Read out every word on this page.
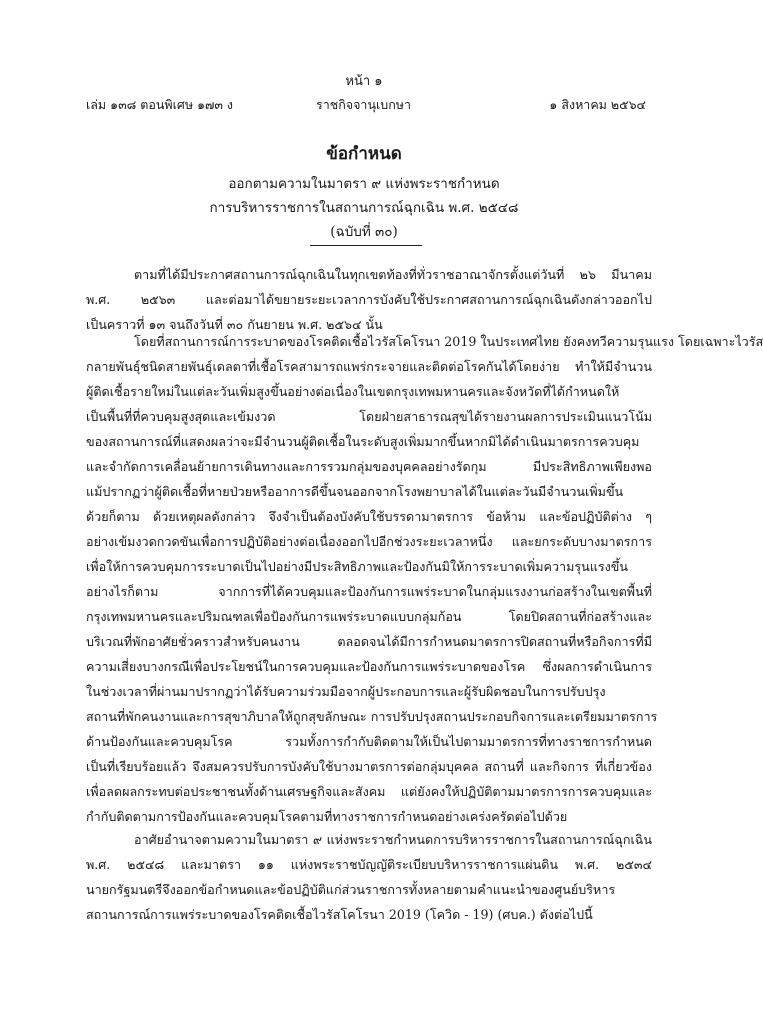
หน้า ๑
เล่ม ๑๓๘ ตอนพิเศษ ๑๗๓ ง	ราชกิจจานุเบกษา	๑ สิงหาคม ๒๕๖๔
ข้อกำหนด
ออกตามความในมาตรา ๙ แห่งพระราชกำหนด
การบริหารราชการในสถานการณ์ฉุกเฉิน พ.ศ. ๒๕๔๘
(ฉบับที่ ๓๐)
ตามที่ได้มีประกาศสถานการณ์ฉุกเฉินในทุกเขตท้องที่ทั่วราชอาณาจักรตั้งแต่วันที่ ๒๖ มีนาคม
พ.ศ. ๒๕๖๓ และต่อมาได้ขยายระยะเวลาการบังคับใช้ประกาศสถานการณ์ฉุกเฉินดังกล่าวออกไป
เป็นคราวที่ ๑๓ จนถึงวันที่ ๓๐ กันยายน พ.ศ. ๒๕๖๔ นั้น
โดยที่สถานการณ์การระบาดของโรคติดเชื้อไวรัสโคโรนา 2019 ในประเทศไทย ยังคงทวีความรุนแรง โดยเฉพาะไวรัส
กลายพันธุ์ชนิดสายพันธุ์เดลตาที่เชื้อโรคสามารถแพร่กระจายและติดต่อโรคกันได้โดยง่าย ทำให้มีจำนวน
ผู้ติดเชื้อรายใหม่ในแต่ละวันเพิ่มสูงขึ้นอย่างต่อเนื่องในเขตกรุงเทพมหานครและจังหวัดที่ได้กำหนดให้
เป็นพื้นที่ที่ควบคุมสูงสุดและเข้มงวด โดยฝ่ายสาธารณสุขได้รายงานผลการประเมินแนวโน้ม
ของสถานการณ์ที่แสดงผลว่าจะมีจำนวนผู้ติดเชื้อในระดับสูงเพิ่มมากขึ้นหากมิได้ดำเนินมาตรการควบคุม
และจำกัดการเคลื่อนย้ายการเดินทางและการรวมกลุ่มของบุคคลอย่างรัดกุม มีประสิทธิภาพเพียงพอ
แม้ปรากฏว่าผู้ติดเชื้อที่หายป่วยหรืออาการดีขึ้นจนออกจากโรงพยาบาลได้ในแต่ละวันมีจำนวนเพิ่มขึ้น
ด้วยก็ตาม ด้วยเหตุผลดังกล่าว จึงจำเป็นต้องบังคับใช้บรรดามาตรการ ข้อห้าม และข้อปฏิบัติต่าง ๆ
อย่างเข้มงวดกวดขันเพื่อการปฏิบัติอย่างต่อเนื่องออกไปอีกช่วงระยะเวลาหนึ่ง และยกระดับบางมาตรการ
เพื่อให้การควบคุมการระบาดเป็นไปอย่างมีประสิทธิภาพและป้องกันมิให้การระบาดเพิ่มความรุนแรงขึ้น
อย่างไรก็ตาม จากการที่ได้ควบคุมและป้องกันการแพร่ระบาดในกลุ่มแรงงานก่อสร้างในเขตพื้นที่
กรุงเทพมหานครและปริมณฑลเพื่อป้องกันการแพร่ระบาดแบบกลุ่มก้อน โดยปิดสถานที่ก่อสร้างและ
บริเวณที่พักอาศัยชั่วคราวสำหรับคนงาน ตลอดจนได้มีการกำหนดมาตรการปิดสถานที่หรือกิจการที่มี
ความเสี่ยงบางกรณีเพื่อประโยชน์ในการควบคุมและป้องกันการแพร่ระบาดของโรค ซึ่งผลการดำเนินการ
ในช่วงเวลาที่ผ่านมาปรากฏว่าได้รับความร่วมมือจากผู้ประกอบการและผู้รับผิดชอบในการปรับปรุง
สถานที่พักคนงานและการสุขาภิบาลให้ถูกสุขลักษณะ การปรับปรุงสถานประกอบกิจการและเตรียมมาตรการ
ด้านป้องกันและควบคุมโรค รวมทั้งการกำกับติดตามให้เป็นไปตามมาตรการที่ทางราชการกำหนด
เป็นที่เรียบร้อยแล้ว จึงสมควรปรับการบังคับใช้บางมาตรการต่อกลุ่มบุคคล สถานที่ และกิจการ ที่เกี่ยวข้อง
เพื่อลดผลกระทบต่อประชาชนทั้งด้านเศรษฐกิจและสังคม แต่ยังคงให้ปฏิบัติตามมาตรการการควบคุมและ
กำกับติดตามการป้องกันและควบคุมโรคตามที่ทางราชการกำหนดอย่างเคร่งครัดต่อไปด้วย
อาศัยอำนาจตามความในมาตรา ๙ แห่งพระราชกำหนดการบริหารราชการในสถานการณ์ฉุกเฉิน
พ.ศ. ๒๕๔๘ และมาตรา ๑๑ แห่งพระราชบัญญัติระเบียบบริหารราชการแผ่นดิน พ.ศ. ๒๕๓๔
นายกรัฐมนตรีจึงออกข้อกำหนดและข้อปฏิบัติแก่ส่วนราชการทั้งหลายตามคำแนะนำของศูนย์บริหาร
สถานการณ์การแพร่ระบาดของโรคติดเชื้อไวรัสโคโรนา 2019 (โควิด - 19) (ศบค.) ดังต่อไปนี้
